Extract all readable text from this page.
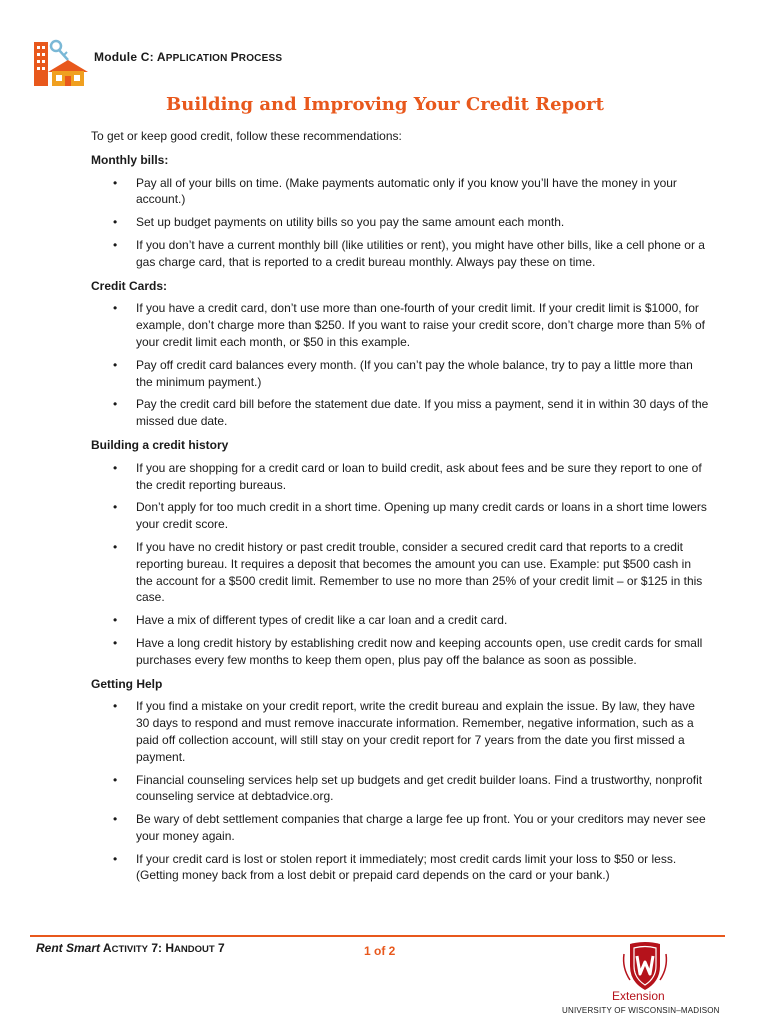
Module C: APPLICATION PROCESS
Building and Improving Your Credit Report

To get or keep good credit, follow these recommendations:

Monthly bills:
• Pay all of your bills on time. (Make payments automatic only if you know you’ll have the money in your account.)
• Set up budget payments on utility bills so you pay the same amount each month.
• If you don’t have a current monthly bill (like utilities or rent), you might have other bills, like a cell phone or a gas charge card, that is reported to a credit bureau monthly. Always pay these on time.
Credit Cards:
• If you have a credit card, don’t use more than one-fourth of your credit limit. If your credit limit is $1000, for example, don’t charge more than $250. If you want to raise your credit score, don’t charge more than 5% of your credit limit each month, or $50 in this example.
• Pay off credit card balances every month. (If you can’t pay the whole balance, try to pay a little more than the minimum payment.)
• Pay the credit card bill before the statement due date. If you miss a payment, send it in within 30 days of the missed due date.
Building a credit history
• If you are shopping for a credit card or loan to build credit, ask about fees and be sure they report to one of the credit reporting bureaus.
• Don’t apply for too much credit in a short time. Opening up many credit cards or loans in a short time lowers your credit score.
• If you have no credit history or past credit trouble, consider a secured credit card that reports to a credit reporting bureau. It requires a deposit that becomes the amount you can use. Example: put $500 cash in the account for a $500 credit limit. Remember to use no more than 25% of your credit limit – or $125 in this case.
• Have a mix of different types of credit like a car loan and a credit card.
• Have a long credit history by establishing credit now and keeping accounts open, use credit cards for small purchases every few months to keep them open, plus pay off the balance as soon as possible.
Getting Help
• If you find a mistake on your credit report, write the credit bureau and explain the issue. By law, they have 30 days to respond and must remove inaccurate information. Remember, negative information, such as a paid off collection account, will still stay on your credit report for 7 years from the date you first missed a payment.
• Financial counseling services help set up budgets and get credit builder loans. Find a trustworthy, nonprofit counseling service at debtadvice.org.
• Be wary of debt settlement companies that charge a large fee up front. You or your creditors may never see your money again.
• If your credit card is lost or stolen report it immediately; most credit cards limit your loss to $50 or less. (Getting money back from a lost debit or prepaid card depends on the card or your bank.)
Rent Smart ACTIVITY 7: HANDOUT 7	1 of 2
Extension
UNIVERSITY OF WISCONSIN–MADISON
